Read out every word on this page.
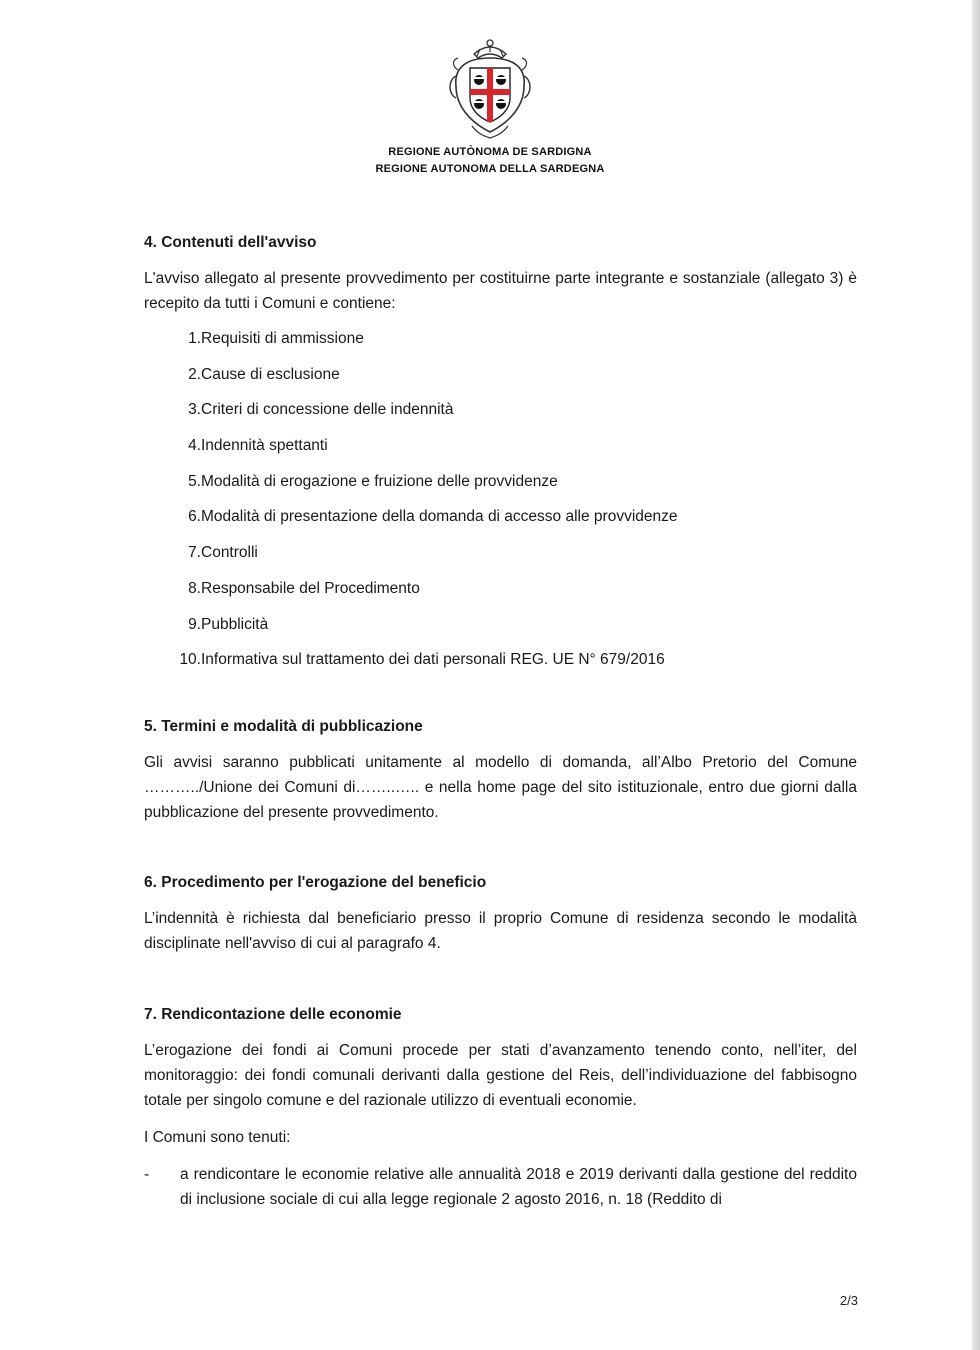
REGIONE AUTÒNOMA DE SARDIGNA
REGIONE AUTONOMA DELLA SARDEGNA
4. Contenuti dell'avviso

L'avviso allegato al presente provvedimento per costituirne parte integrante e sostanziale (allegato 3) è recepito da tutti i Comuni e contiene:

1. Requisiti di ammissione
2. Cause di esclusione
3. Criteri di concessione delle indennità
4. Indennità spettanti
5. Modalità di erogazione e fruizione delle provvidenze
6. Modalità di presentazione della domanda di accesso alle provvidenze
7. Controlli
8. Responsabile del Procedimento
9. Pubblicità
10. Informativa sul trattamento dei dati personali REG. UE N° 679/2016
5. Termini e modalità di pubblicazione

Gli avvisi saranno pubblicati unitamente al modello di domanda, all’Albo Pretorio del Comune ………../Unione dei Comuni di……..….. e nella home page del sito istituzionale, entro due giorni dalla pubblicazione del presente provvedimento.

6. Procedimento per l'erogazione del beneficio

L’indennità è richiesta dal beneficiario presso il proprio Comune di residenza secondo le modalità disciplinate nell'avviso di cui al paragrafo 4.

7. Rendicontazione delle economie

L’erogazione dei fondi ai Comuni procede per stati d’avanzamento tenendo conto, nell’iter, del monitoraggio: dei fondi comunali derivanti dalla gestione del Reis, dell’individuazione del fabbisogno totale per singolo comune e del razionale utilizzo di eventuali economie.

I Comuni sono tenuti:

-	a rendicontare le economie relative alle annualità 2018 e 2019 derivanti dalla gestione del reddito di inclusione sociale di cui alla legge regionale 2 agosto 2016, n. 18 (Reddito di
2/3
